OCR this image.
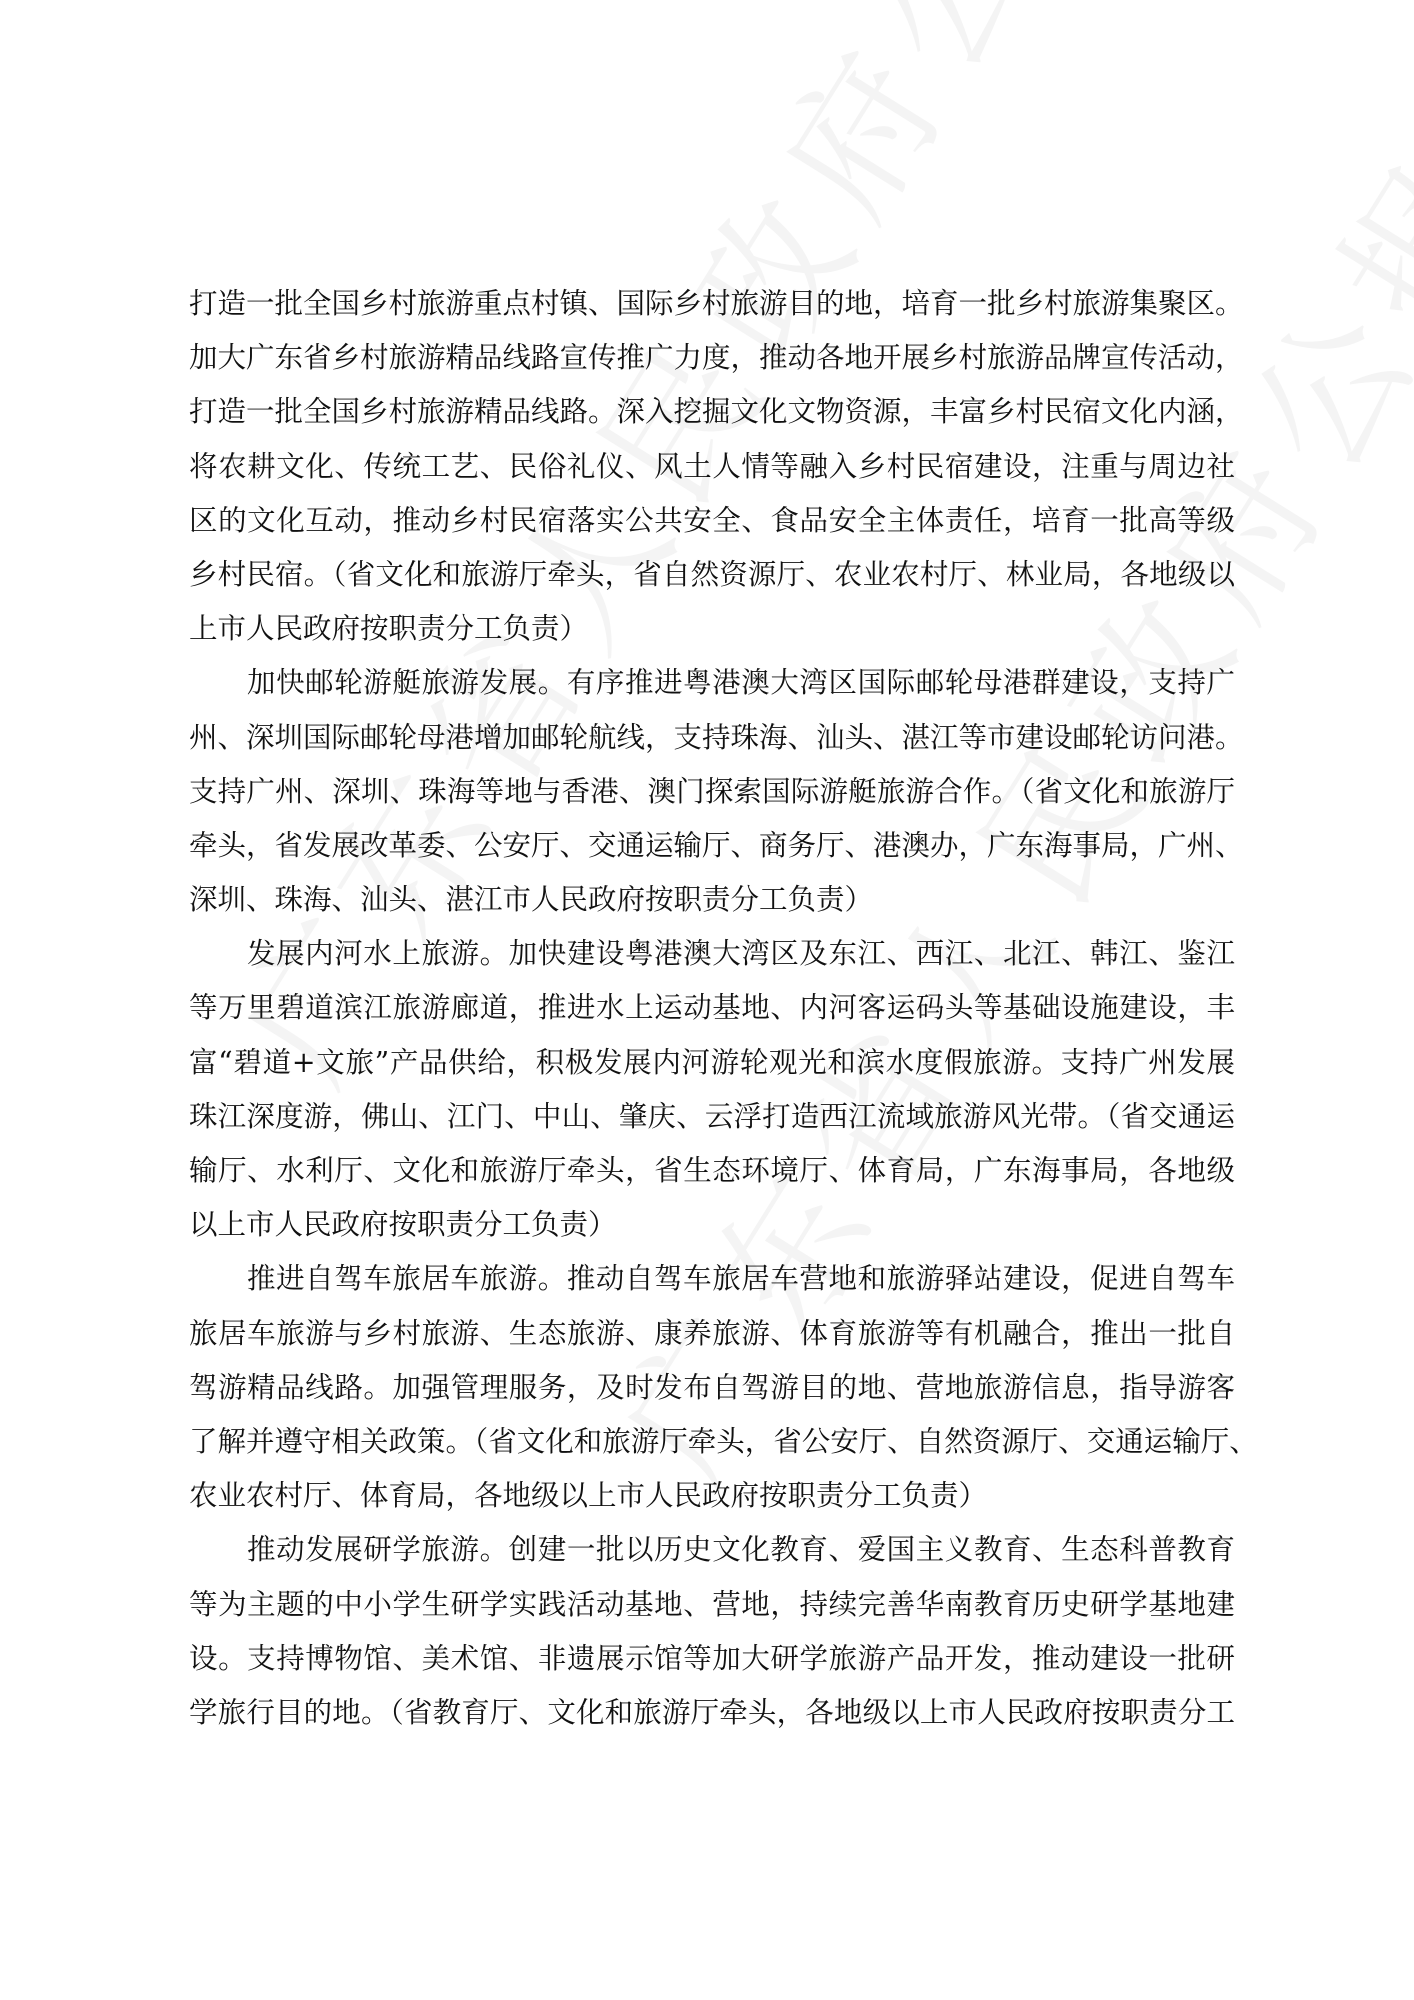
打造一批全国乡村旅游重点村镇、国际乡村旅游目的地，培育一批乡村旅游集聚区。
加大广东省乡村旅游精品线路宣传推广力度，推动各地开展乡村旅游品牌宣传活动，
打造一批全国乡村旅游精品线路。深入挖掘文化文物资源，丰富乡村民宿文化内涵，
将农耕文化、传统工艺、民俗礼仪、风土人情等融入乡村民宿建设，注重与周边社
区的文化互动，推动乡村民宿落实公共安全、食品安全主体责任，培育一批高等级
乡村民宿。（省文化和旅游厅牵头，省自然资源厅、农业农村厅、林业局，各地级以
上市人民政府按职责分工负责）
加快邮轮游艇旅游发展。有序推进粤港澳大湾区国际邮轮母港群建设，支持广
州、深圳国际邮轮母港增加邮轮航线，支持珠海、汕头、湛江等市建设邮轮访问港。
支持广州、深圳、珠海等地与香港、澳门探索国际游艇旅游合作。（省文化和旅游厅
牵头，省发展改革委、公安厅、交通运输厅、商务厅、港澳办，广东海事局，广州、
深圳、珠海、汕头、湛江市人民政府按职责分工负责）
发展内河水上旅游。加快建设粤港澳大湾区及东江、西江、北江、韩江、鉴江
等万里碧道滨江旅游廊道，推进水上运动基地、内河客运码头等基础设施建设，丰
富“碧道+文旅”产品供给，积极发展内河游轮观光和滨水度假旅游。支持广州发展
珠江深度游，佛山、江门、中山、肇庆、云浮打造西江流域旅游风光带。（省交通运
输厅、水利厅、文化和旅游厅牵头，省生态环境厅、体育局，广东海事局，各地级
以上市人民政府按职责分工负责）
推进自驾车旅居车旅游。推动自驾车旅居车营地和旅游驿站建设，促进自驾车
旅居车旅游与乡村旅游、生态旅游、康养旅游、体育旅游等有机融合，推出一批自
驾游精品线路。加强管理服务，及时发布自驾游目的地、营地旅游信息，指导游客
了解并遵守相关政策。（省文化和旅游厅牵头，省公安厅、自然资源厅、交通运输厅、
农业农村厅、体育局，各地级以上市人民政府按职责分工负责）
推动发展研学旅游。创建一批以历史文化教育、爱国主义教育、生态科普教育
等为主题的中小学生研学实践活动基地、营地，持续完善华南教育历史研学基地建
设。支持博物馆、美术馆、非遗展示馆等加大研学旅游产品开发，推动建设一批研
学旅行目的地。（省教育厅、文化和旅游厅牵头，各地级以上市人民政府按职责分工
